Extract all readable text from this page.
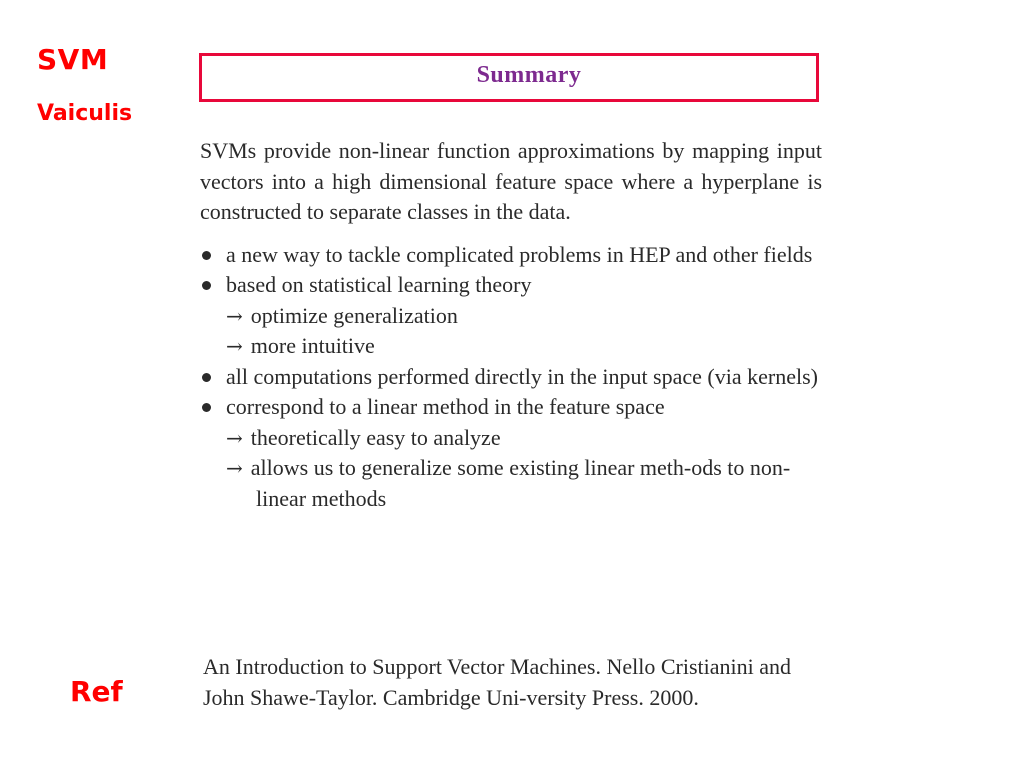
SVM
Vaiculis
Summary

SVMs provide non-linear function approximations by mapping input vectors into a high dimensional feature space where a hyperplane is constructed to separate classes in the data.

a new way to tackle complicated problems in HEP and other fields
based on statistical learning theory
→ optimize generalization
→ more intuitive
all computations performed directly in the input space (via kernels)
correspond to a linear method in the feature space
→ theoretically easy to analyze
→ allows us to generalize some existing linear meth-ods to non-linear methods
Ref

An Introduction to Support Vector Machines. Nello Cristianini and John Shawe-Taylor. Cambridge Uni-versity Press. 2000.
